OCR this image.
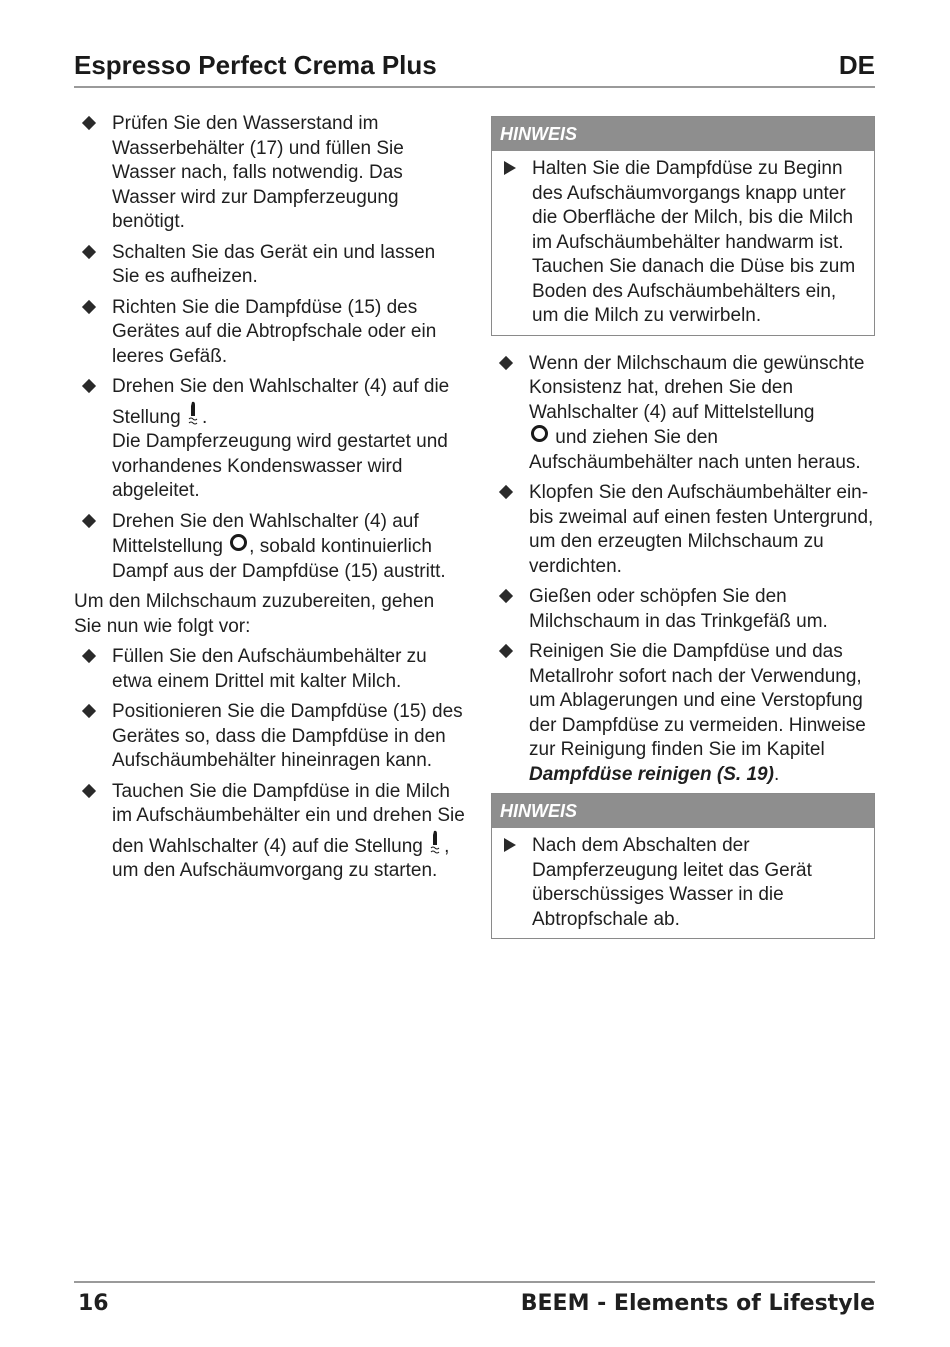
Espresso Perfect Crema Plus	DE
Prüfen Sie den Wasserstand im Wasserbehälter (17) und füllen Sie Wasser nach, falls notwendig. Das Wasser wird zur Dampferzeugung benötigt.
Schalten Sie das Gerät ein und lassen Sie es aufheizen.
Richten Sie die Dampfdüse (15) des Gerätes auf die Abtropfschale oder ein leeres Gefäß.
Drehen Sie den Wahlschalter (4) auf die Stellung .
Die Dampferzeugung wird gestartet und vorhandenes Kondenswasser wird abgeleitet.
Drehen Sie den Wahlschalter (4) auf Mittelstellung , sobald kontinuierlich Dampf aus der Dampfdüse (15) austritt.
Um den Milchschaum zuzubereiten, gehen Sie nun wie folgt vor:
Füllen Sie den Aufschäumbehälter zu etwa einem Drittel mit kalter Milch.
Positionieren Sie die Dampfdüse (15) des Gerätes so, dass die Dampfdüse in den Aufschäumbehälter hineinragen kann.
Tauchen Sie die Dampfdüse in die Milch im Aufschäumbehälter ein und drehen Sie den Wahlschalter (4) auf die Stellung , um den Aufschäumvorgang zu starten.
HINWEIS
Halten Sie die Dampfdüse zu Beginn des Aufschäumvorgangs knapp unter die Oberfläche der Milch, bis die Milch im Aufschäumbehälter handwarm ist.
Tauchen Sie danach die Düse bis zum Boden des Aufschäumbehälters ein, um die Milch zu verwirbeln.
Wenn der Milchschaum die gewünschte Konsistenz hat, drehen Sie den Wahlschalter (4) auf Mittelstellung
und ziehen Sie den Aufschäumbehälter nach unten heraus.
Klopfen Sie den Aufschäumbehälter ein- bis zweimal auf einen festen Untergrund, um den erzeugten Milchschaum zu verdichten.
Gießen oder schöpfen Sie den Milchschaum in das Trinkgefäß um.
Reinigen Sie die Dampfdüse und das Metallrohr sofort nach der Verwendung, um Ablagerungen und eine Verstopfung der Dampfdüse zu vermeiden. Hinweise zur Reinigung finden Sie im Kapitel Dampfdüse reinigen (S. 19).
HINWEIS
Nach dem Abschalten der Dampferzeugung leitet das Gerät überschüssiges Wasser in die Abtropfschale ab.
16	BEEM - Elements of Lifestyle
